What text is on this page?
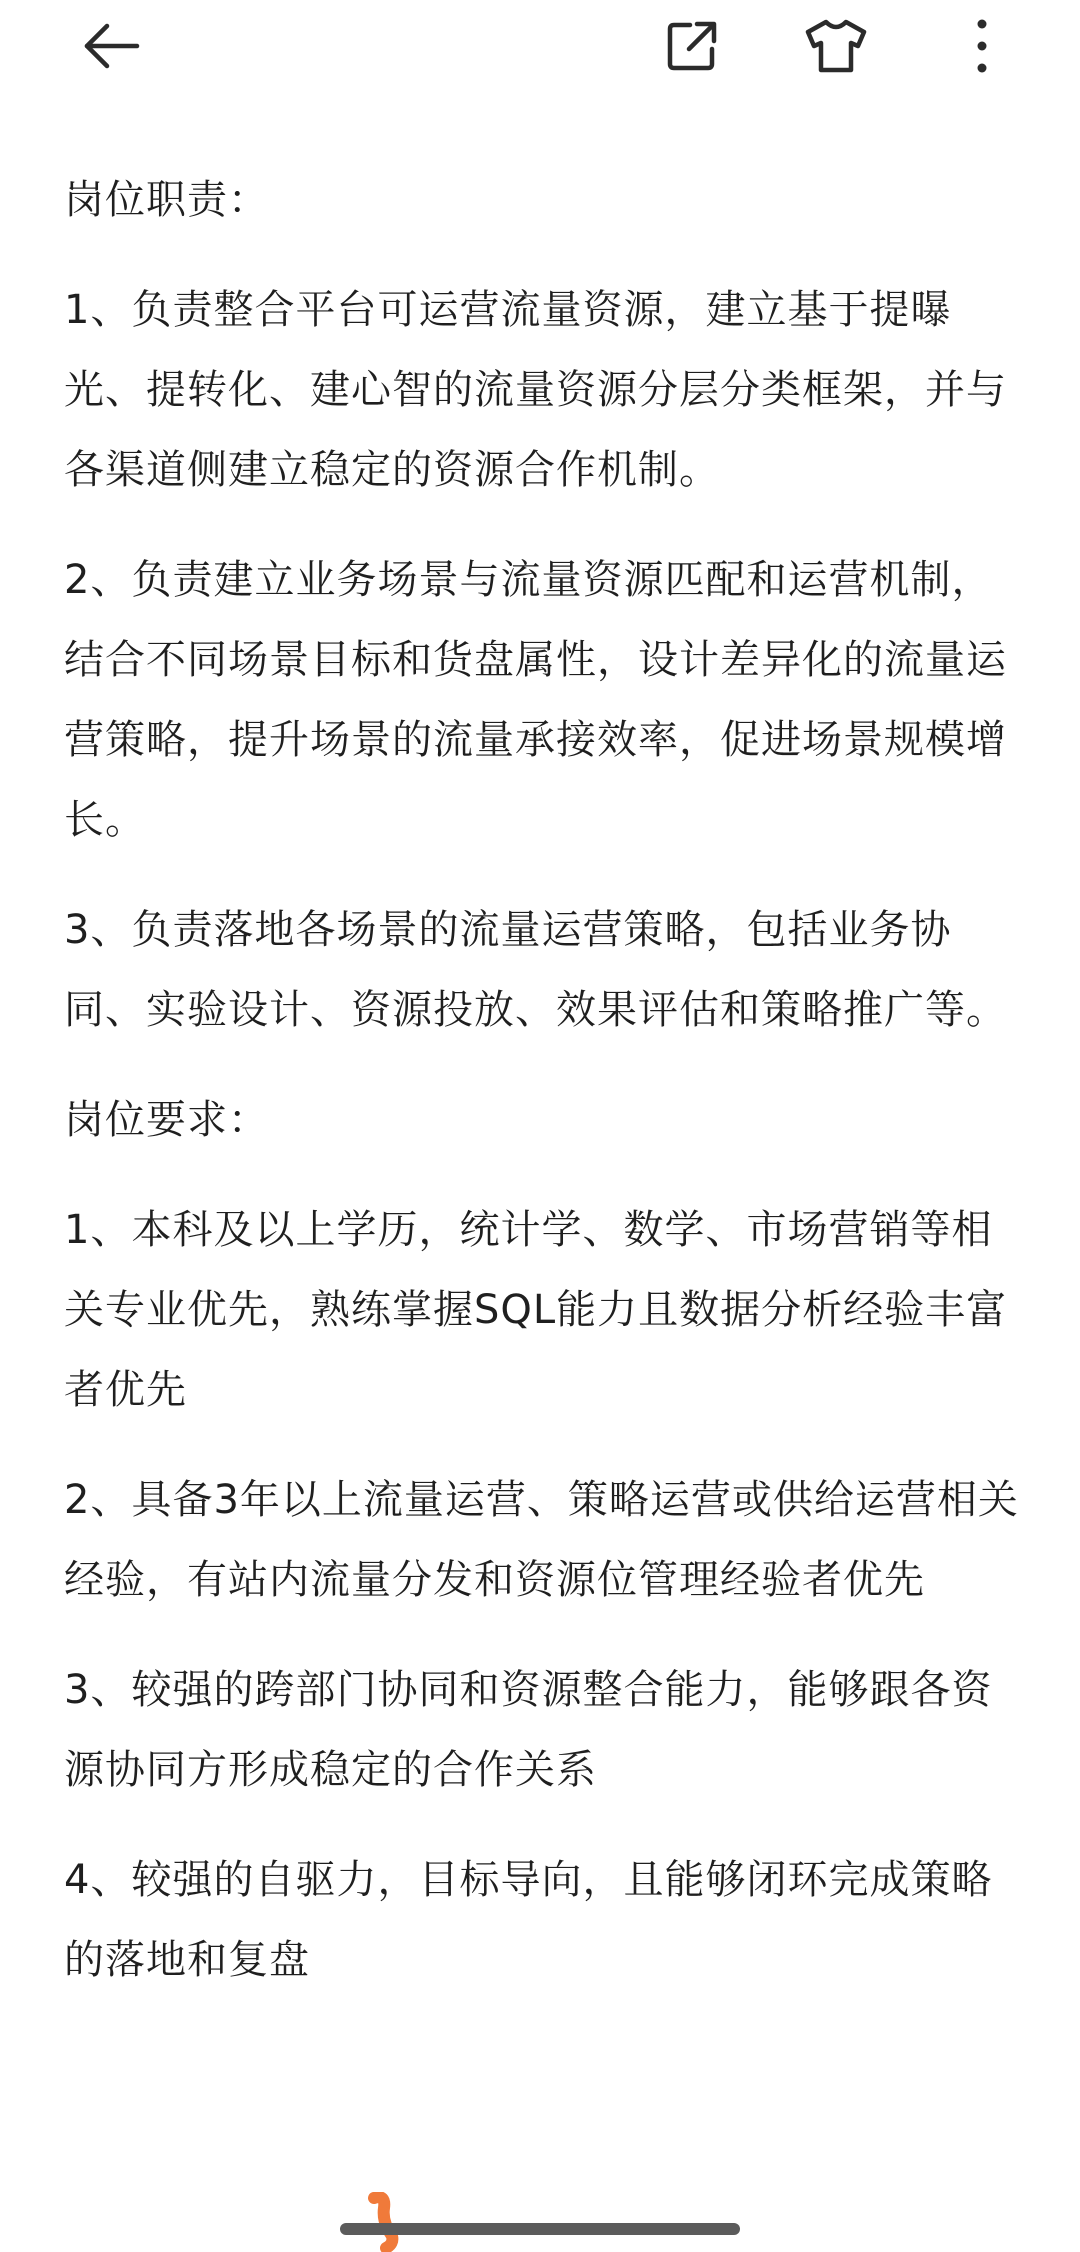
岗位职责：

1、负责整合平台可运营流量资源，建立基于提曝光、提转化、建心智的流量资源分层分类框架，并与各渠道侧建立稳定的资源合作机制。

2、负责建立业务场景与流量资源匹配和运营机制，结合不同场景目标和货盘属性，设计差异化的流量运营策略，提升场景的流量承接效率，促进场景规模增长。

3、负责落地各场景的流量运营策略，包括业务协同、实验设计、资源投放、效果评估和策略推广等。

岗位要求：

1、本科及以上学历，统计学、数学、市场营销等相关专业优先，熟练掌握SQL能力且数据分析经验丰富者优先

2、具备3年以上流量运营、策略运营或供给运营相关经验，有站内流量分发和资源位管理经验者优先

3、较强的跨部门协同和资源整合能力，能够跟各资源协同方形成稳定的合作关系

4、较强的自驱力，目标导向，且能够闭环完成策略的落地和复盘
